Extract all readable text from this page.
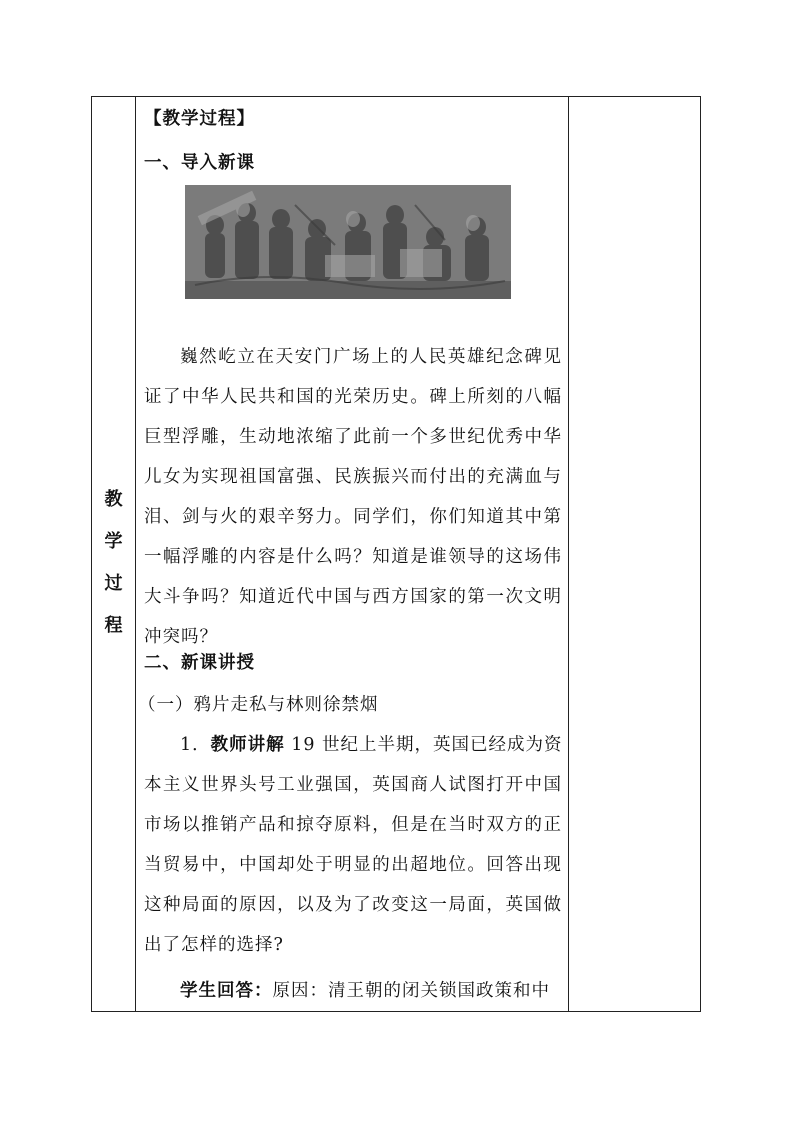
教
学
过
程
【教学过程】
一、导入新课
巍然屹立在天安门广场上的人民英雄纪念碑见
证了中华人民共和国的光荣历史。碑上所刻的八幅
巨型浮雕，生动地浓缩了此前一个多世纪优秀中华
儿女为实现祖国富强、民族振兴而付出的充满血与
泪、剑与火的艰辛努力。同学们，你们知道其中第
一幅浮雕的内容是什么吗？知道是谁领导的这场伟
大斗争吗？知道近代中国与西方国家的第一次文明
冲突吗？
二、新课讲授
（一）鸦片走私与林则徐禁烟
1．教师讲解 19 世纪上半期，英国已经成为资
本主义世界头号工业强国，英国商人试图打开中国
市场以推销产品和掠夺原料，但是在当时双方的正
当贸易中，中国却处于明显的出超地位。回答出现
这种局面的原因，以及为了改变这一局面，英国做
出了怎样的选择?
学生回答：原因：清王朝的闭关锁国政策和中
